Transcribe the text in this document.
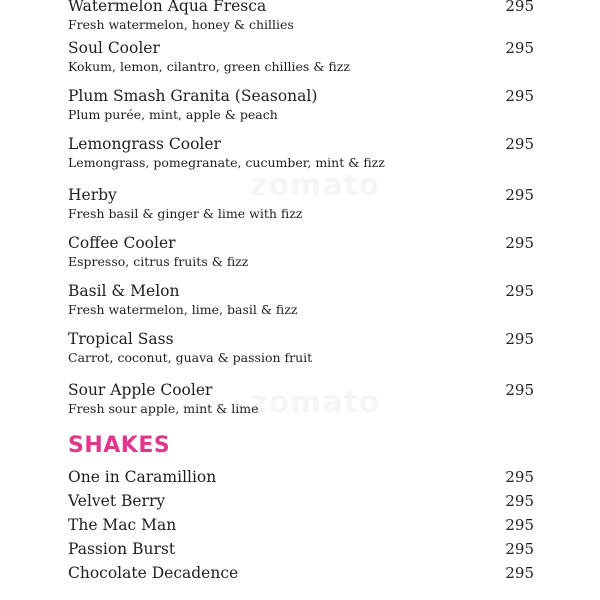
zomato
zomato
Watermelon Aqua Fresca
Fresh watermelon, honey & chillies
295
Soul Cooler
Kokum, lemon, cilantro, green chillies & fizz
295
Plum Smash Granita (Seasonal)
Plum purée, mint, apple & peach
295
Lemongrass Cooler
Lemongrass, pomegranate, cucumber, mint & fizz
295
Herby
Fresh basil & ginger & lime with fizz
295
Coffee Cooler
Espresso, citrus fruits & fizz
295
Basil & Melon
Fresh watermelon, lime, basil & fizz
295
Tropical Sass
Carrot, coconut, guava & passion fruit
295
Sour Apple Cooler
Fresh sour apple, mint & lime
295
SHAKES
One in Caramillion	295
Velvet Berry	295
The Mac Man	295
Passion Burst	295
Chocolate Decadence	295
